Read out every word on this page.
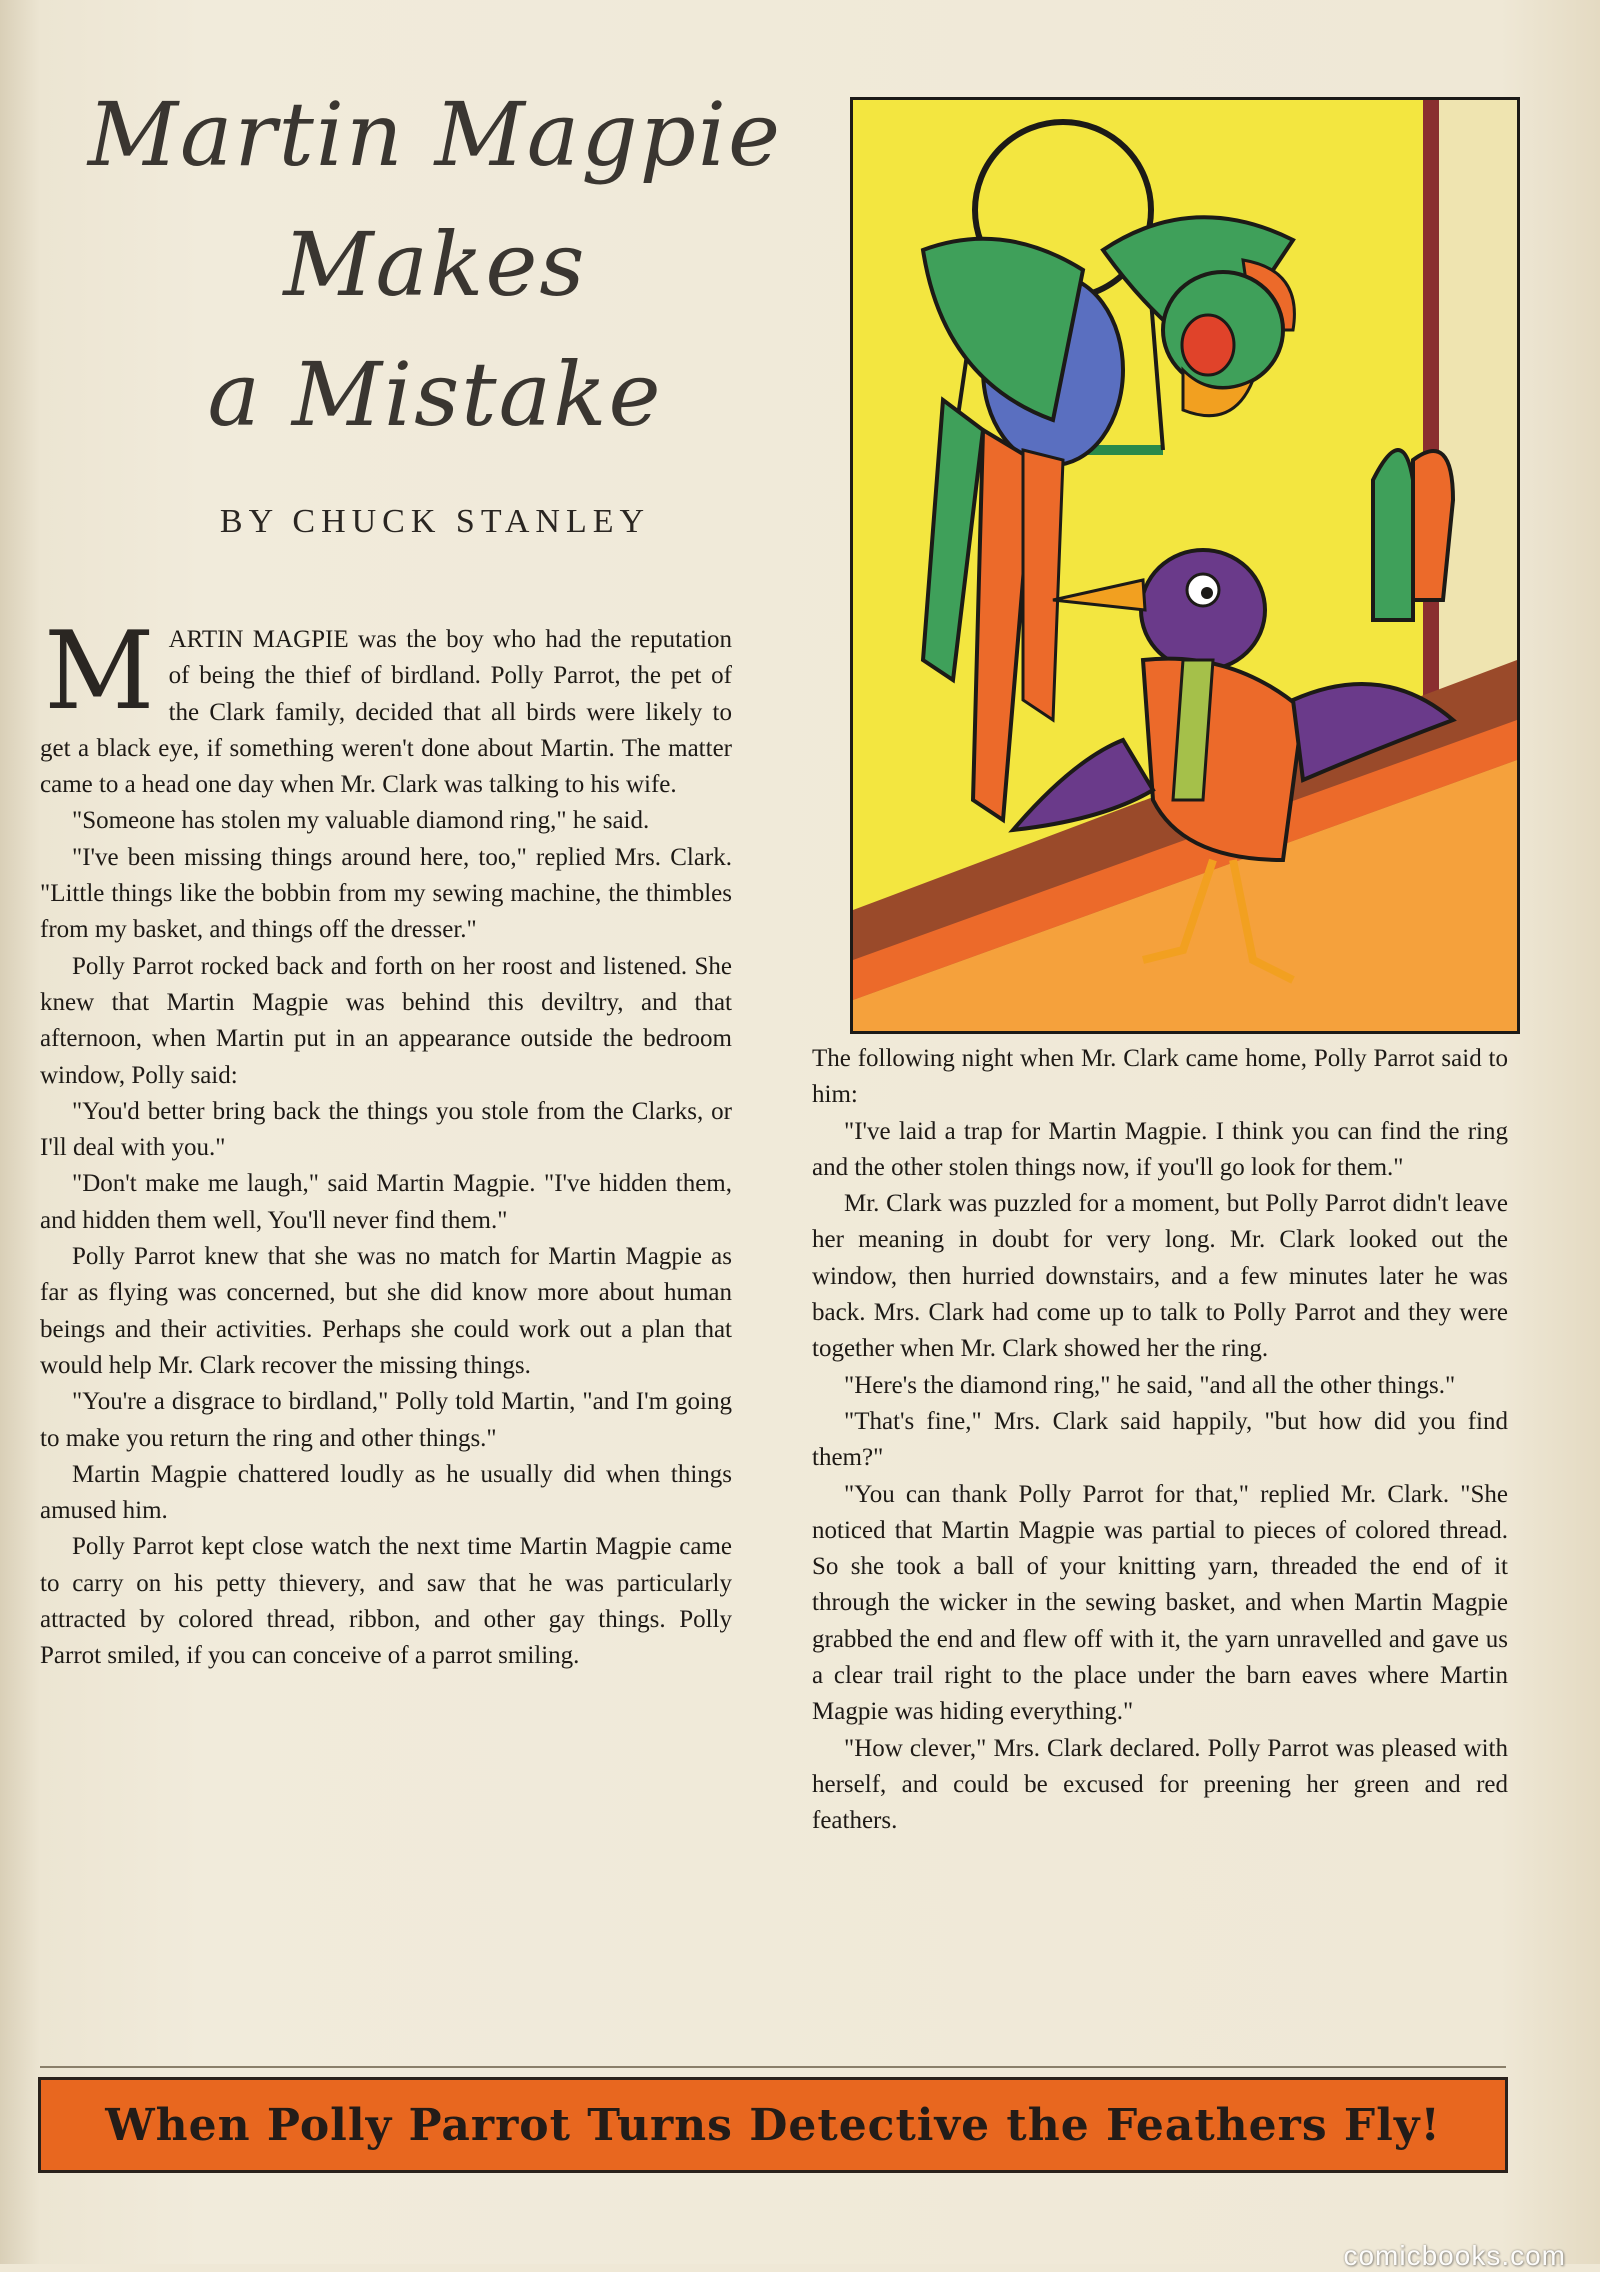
Martin Magpie
Makes
a Mistake
BY CHUCK STANLEY

MARTIN MAGPIE was the boy who had the reputation of being the thief of birdland. Polly Parrot, the pet of the Clark family, decided that all birds were likely to get a black eye, if something weren't done about Martin. The matter came to a head one day when Mr. Clark was talking to his wife.

"Someone has stolen my valuable diamond ring," he said.

"I've been missing things around here, too," replied Mrs. Clark. "Little things like the bobbin from my sewing machine, the thimbles from my basket, and things off the dresser."

Polly Parrot rocked back and forth on her roost and listened. She knew that Martin Magpie was behind this deviltry, and that afternoon, when Martin put in an appearance outside the bedroom window, Polly said:

"You'd better bring back the things you stole from the Clarks, or I'll deal with you."

"Don't make me laugh," said Martin Magpie. "I've hidden them, and hidden them well, You'll never find them."

Polly Parrot knew that she was no match for Martin Magpie as far as flying was concerned, but she did know more about human beings and their activities. Perhaps she could work out a plan that would help Mr. Clark recover the missing things.

"You're a disgrace to birdland," Polly told Martin, "and I'm going to make you return the ring and other things."

Martin Magpie chattered loudly as he usually did when things amused him.

Polly Parrot kept close watch the next time Martin Magpie came to carry on his petty thievery, and saw that he was particularly attracted by colored thread, ribbon, and other gay things. Polly Parrot smiled, if you can conceive of a parrot smiling.

The following night when Mr. Clark came home, Polly Parrot said to him:

"I've laid a trap for Martin Magpie. I think you can find the ring and the other stolen things now, if you'll go look for them."

Mr. Clark was puzzled for a moment, but Polly Parrot didn't leave her meaning in doubt for very long. Mr. Clark looked out the window, then hurried downstairs, and a few minutes later he was back. Mrs. Clark had come up to talk to Polly Parrot and they were together when Mr. Clark showed her the ring.

"Here's the diamond ring," he said, "and all the other things."

"That's fine," Mrs. Clark said happily, "but how did you find them?"

"You can thank Polly Parrot for that," replied Mr. Clark. "She noticed that Martin Magpie was partial to pieces of colored thread. So she took a ball of your knitting yarn, threaded the end of it through the wicker in the sewing basket, and when Martin Magpie grabbed the end and flew off with it, the yarn unravelled and gave us a clear trail right to the place under the barn eaves where Martin Magpie was hiding everything."

"How clever," Mrs. Clark declared. Polly Parrot was pleased with herself, and could be excused for preening her green and red feathers.

When Polly Parrot Turns Detective the Feathers Fly!
comicbooks.com
